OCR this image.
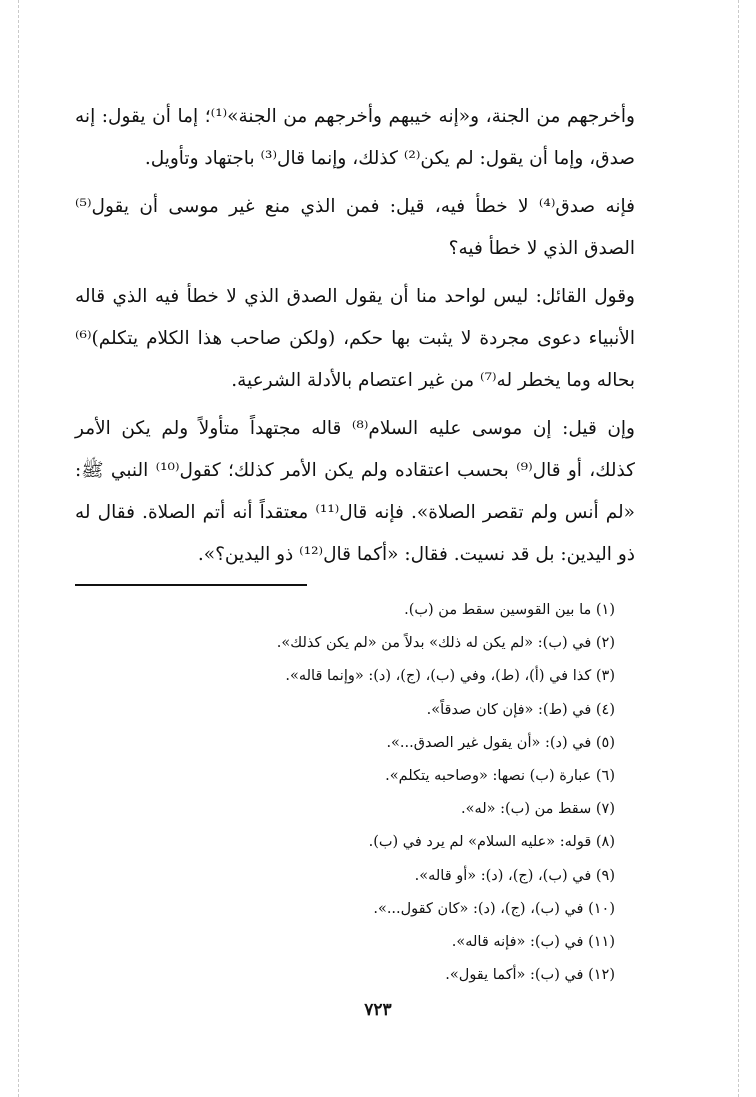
وأخرجهم من الجنة، و«إنه خيبهم وأخرجهم من الجنة»⁽¹⁾؛ إما أن يقول: إنه صدق، وإما أن يقول: لم يكن⁽²⁾ كذلك، وإنما قال⁽³⁾ باجتهاد وتأويل.

فإنه صدق⁽⁴⁾ لا خطأ فيه، قيل: فمن الذي منع غير موسى أن يقول⁽⁵⁾ الصدق الذي لا خطأ فيه؟

وقول القائل: ليس لواحد منا أن يقول الصدق الذي لا خطأ فيه الذي قاله الأنبياء دعوى مجردة لا يثبت بها حكم، (ولكن صاحب هذا الكلام يتكلم)⁽⁶⁾ بحاله وما يخطر له⁽⁷⁾ من غير اعتصام بالأدلة الشرعية.

وإن قيل: إن موسى عليه السلام⁽⁸⁾ قاله مجتهداً متأولاً ولم يكن الأمر كذلك، أو قال⁽⁹⁾ بحسب اعتقاده ولم يكن الأمر كذلك؛ كقول⁽¹⁰⁾ النبي ﷺ: «لم أنس ولم تقصر الصلاة». فإنه قال⁽¹¹⁾ معتقداً أنه أتم الصلاة. فقال له ذو اليدين: بل قد نسيت. فقال: «أكما قال⁽¹²⁾ ذو اليدين؟».

(١) ما بين القوسين سقط من (ب).
(٢) في (ب): «لم يكن له ذلك» بدلاً من «لم يكن كذلك».
(٣) كذا في (أ)، (ط)، وفي (ب)، (ج)، (د): «وإنما قاله».
(٤) في (ط): «فإن كان صدقاً».
(٥) في (د): «أن يقول غير الصدق...».
(٦) عبارة (ب) نصها: «وصاحبه يتكلم».
(٧) سقط من (ب): «له».
(٨) قوله: «عليه السلام» لم يرد في (ب).
(٩) في (ب)، (ج)، (د): «أو قاله».
(١٠) في (ب)، (ج)، (د): «كان كقول...».
(١١) في (ب): «فإنه قاله».
(١٢) في (ب): «أكما يقول».
٧٢٣
